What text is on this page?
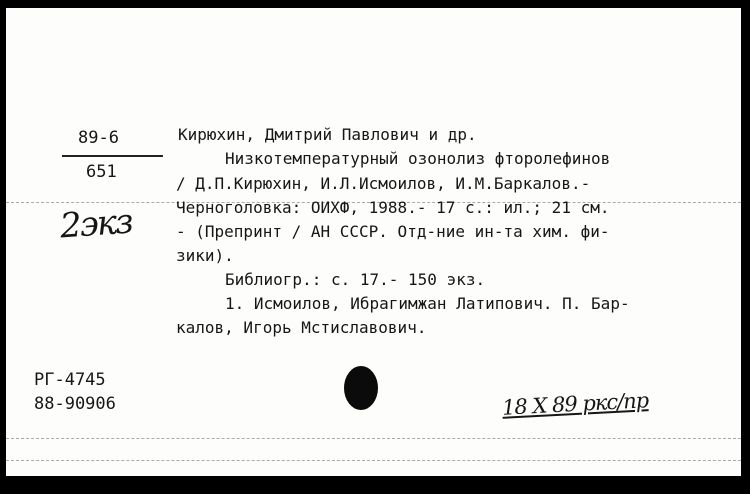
89-6
651
2экз
Кирюхин, Дмитрий Павлович и др.
Низкотемпературный озонолиз фторолефинов
/ Д.П.Кирюхин, И.Л.Исмоилов, И.М.Баркалов.-
Черноголовка: ОИХФ, 1988.- 17 с.: ил.; 21 см.
- (Препринт / АН СССР. Отд-ние ин-та хим. фи-
зики).
Библиогр.: с. 17.- 150 экз.
1. Исмоилов, Ибрагимжан Латипович. П. Бар-
калов, Игорь Мстиславович.
РГ-4745
88-90906	18 Х 89 ркс/пр
